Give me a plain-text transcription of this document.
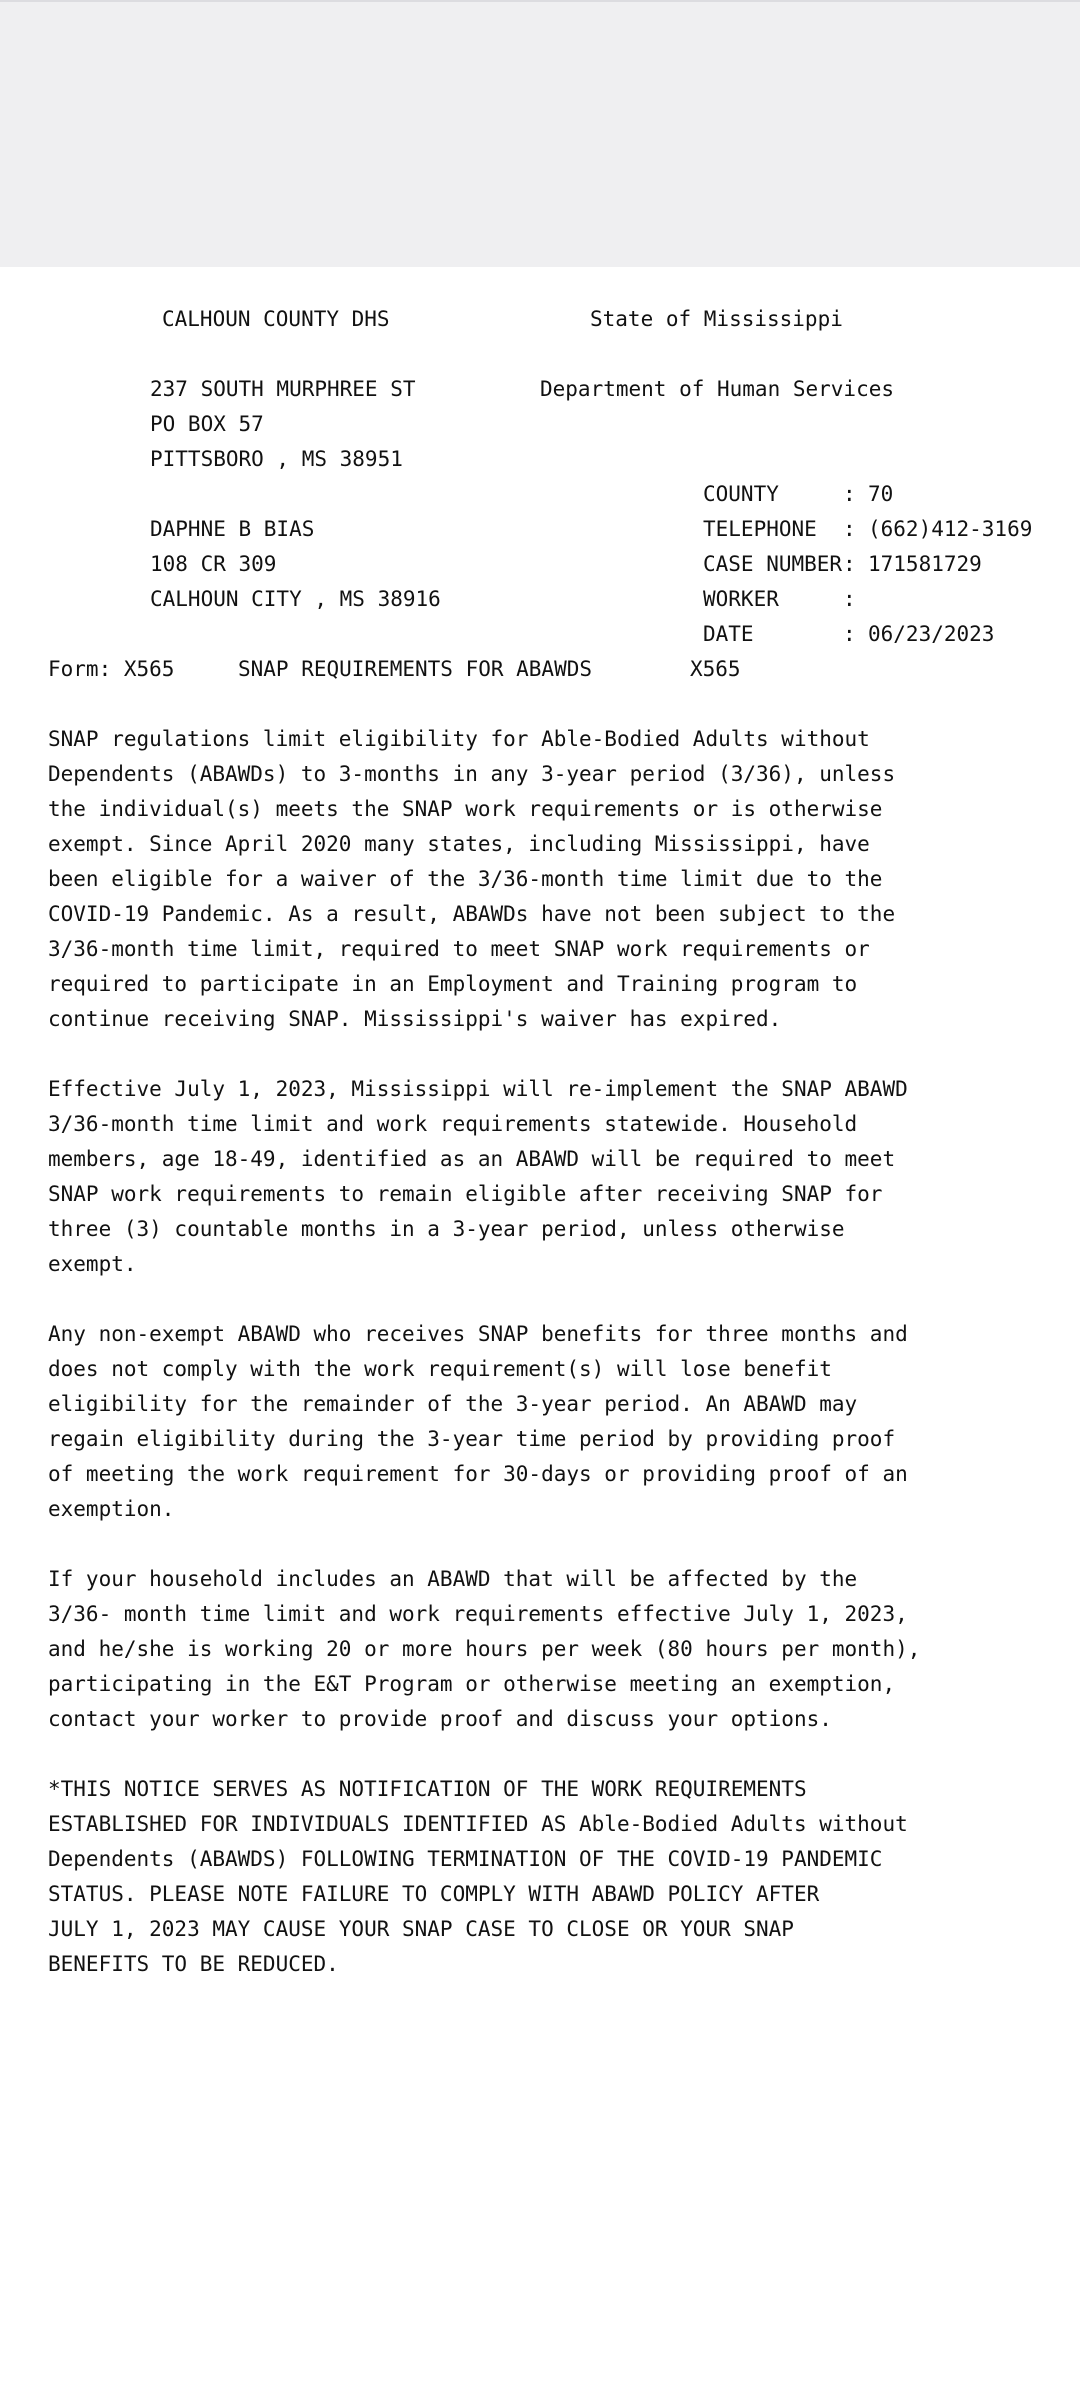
CALHOUN COUNTY DHS	State of Mississippi
Department of Human Services
237 SOUTH MURPHREE ST
PO BOX 57
PITTSBORO , MS 38951
DAPHNE B BIAS
108 CR 309
CALHOUN CITY , MS 38916
COUNTY	: 70
TELEPHONE	: (662)412-3169
CASE NUMBER : 171581729
WORKER	:
DATE	: 06/23/2023
Form: X565	SNAP REQUIREMENTS FOR ABAWDS	X565
SNAP regulations limit eligibility for Able-Bodied Adults without
Dependents (ABAWDs) to 3-months in any 3-year period (3/36), unless
the individual(s) meets the SNAP work requirements or is otherwise
exempt. Since April 2020 many states, including Mississippi, have
been eligible for a waiver of the 3/36-month time limit due to the
COVID-19 Pandemic. As a result, ABAWDs have not been subject to the
3/36-month time limit, required to meet SNAP work requirements or
required to participate in an Employment and Training program to
continue receiving SNAP. Mississippi's waiver has expired.
Effective July 1, 2023, Mississippi will re-implement the SNAP ABAWD
3/36-month time limit and work requirements statewide. Household
members, age 18-49, identified as an ABAWD will be required to meet
SNAP work requirements to remain eligible after receiving SNAP for
three (3) countable months in a 3-year period, unless otherwise
exempt.
Any non-exempt ABAWD who receives SNAP benefits for three months and
does not comply with the work requirement(s) will lose benefit
eligibility for the remainder of the 3-year period. An ABAWD may
regain eligibility during the 3-year time period by providing proof
of meeting the work requirement for 30-days or providing proof of an
exemption.
If your household includes an ABAWD that will be affected by the
3/36- month time limit and work requirements effective July 1, 2023,
and he/she is working 20 or more hours per week (80 hours per month),
participating in the E&T Program or otherwise meeting an exemption,
contact your worker to provide proof and discuss your options.
*THIS NOTICE SERVES AS NOTIFICATION OF THE WORK REQUIREMENTS
ESTABLISHED FOR INDIVIDUALS IDENTIFIED AS Able-Bodied Adults without
Dependents (ABAWDS) FOLLOWING TERMINATION OF THE COVID-19 PANDEMIC
STATUS. PLEASE NOTE FAILURE TO COMPLY WITH ABAWD POLICY AFTER
JULY 1, 2023 MAY CAUSE YOUR SNAP CASE TO CLOSE OR YOUR SNAP
BENEFITS TO BE REDUCED.
